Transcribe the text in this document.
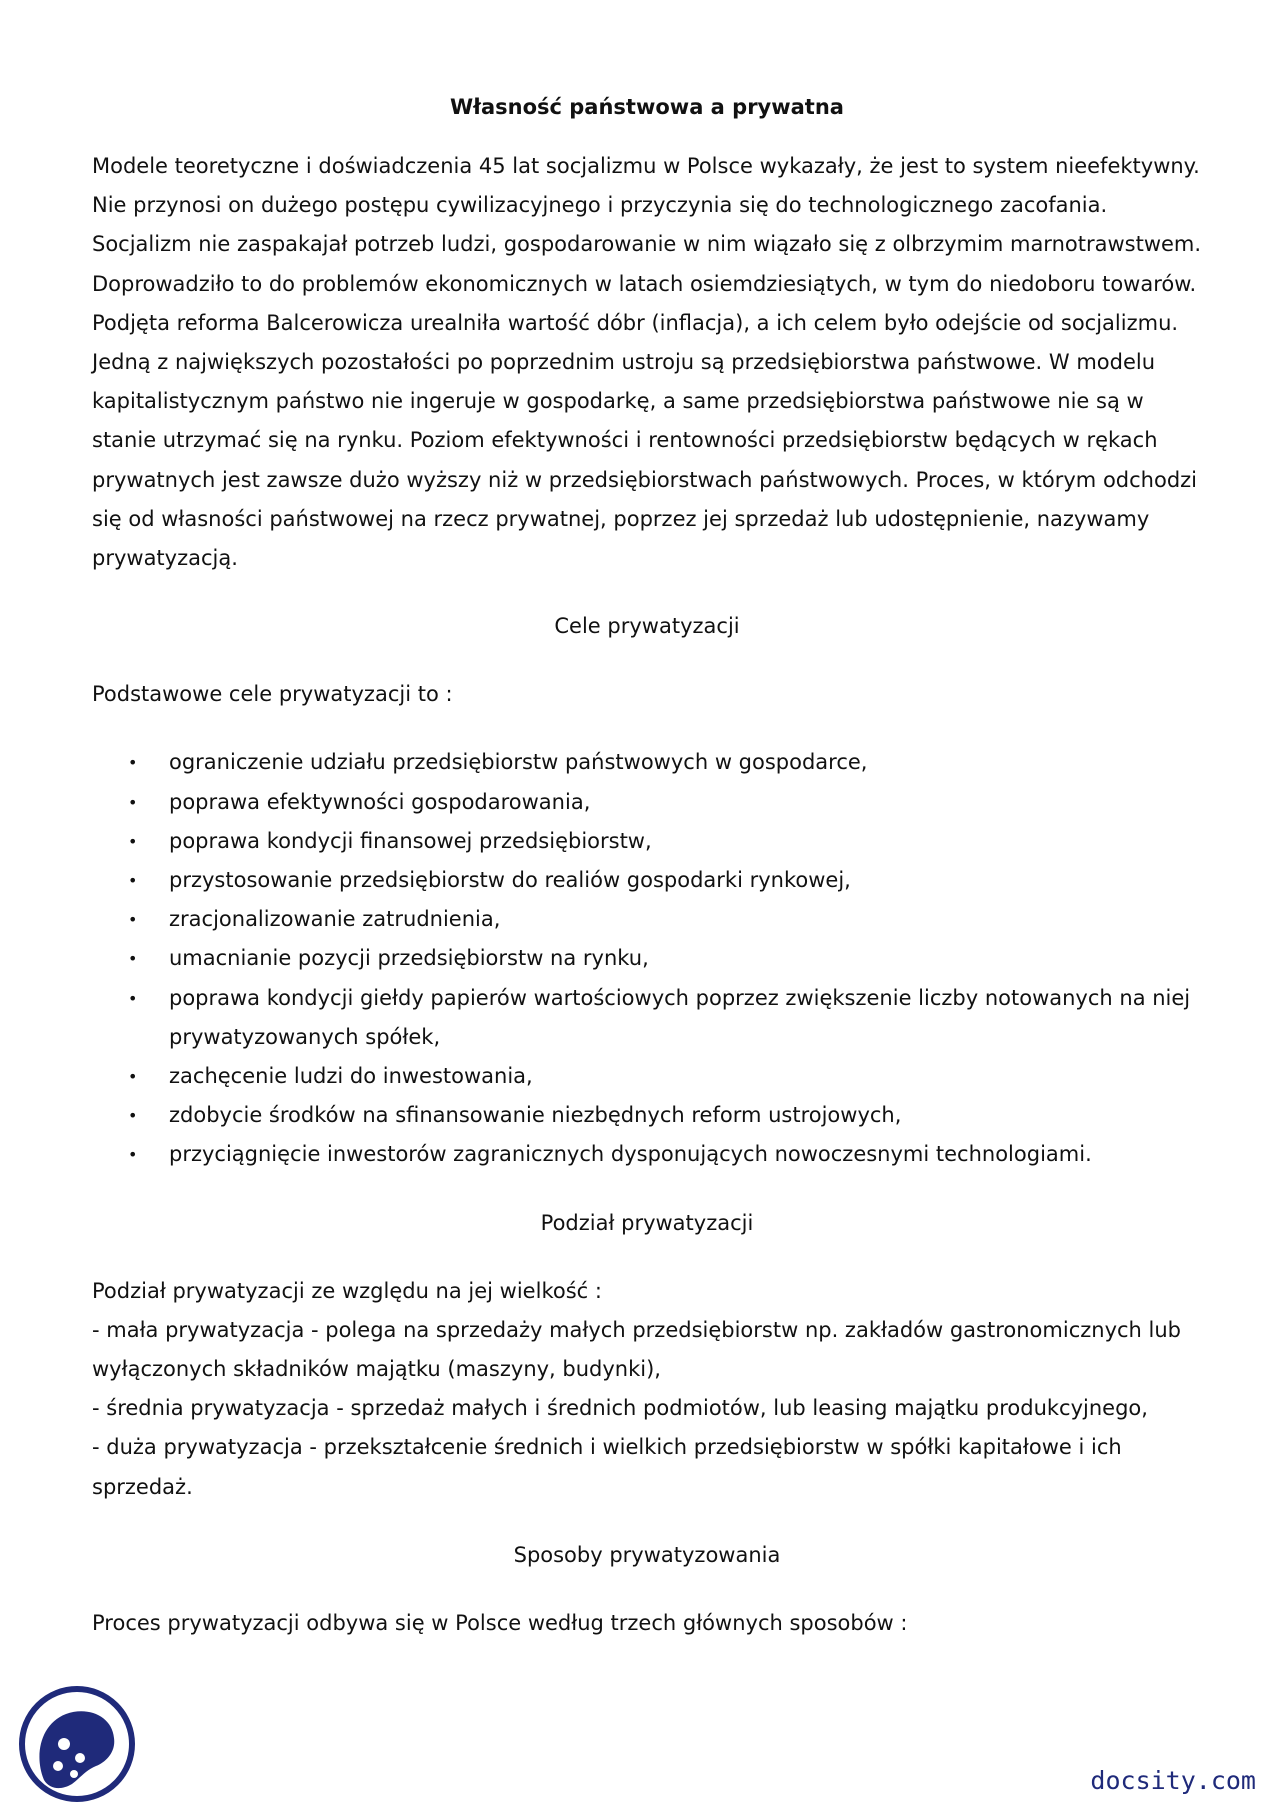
Własność państwowa a prywatna

Modele teoretyczne i doświadczenia 45 lat socjalizmu w Polsce wykazały, że jest to system nieefektywny. Nie przynosi on dużego postępu cywilizacyjnego i przyczynia się do technologicznego zacofania. Socjalizm nie zaspakajał potrzeb ludzi, gospodarowanie w nim wiązało się z olbrzymim marnotrawstwem. Doprowadziło to do problemów ekonomicznych w latach osiemdziesiątych, w tym do niedoboru towarów. Podjęta reforma Balcerowicza urealniła wartość dóbr (inflacja), a ich celem było odejście od socjalizmu. Jedną z największych pozostałości po poprzednim ustroju są przedsiębiorstwa państwowe. W modelu kapitalistycznym państwo nie ingeruje w gospodarkę, a same przedsiębiorstwa państwowe nie są w stanie utrzymać się na rynku. Poziom efektywności i rentowności przedsiębiorstw będących w rękach prywatnych jest zawsze dużo wyższy niż w przedsiębiorstwach państwowych. Proces, w którym odchodzi się od własności państwowej na rzecz prywatnej, poprzez jej sprzedaż lub udostępnienie, nazywamy prywatyzacją.

Cele prywatyzacji

Podstawowe cele prywatyzacji to :

• ograniczenie udziału przedsiębiorstw państwowych w gospodarce,
• poprawa efektywności gospodarowania,
• poprawa kondycji finansowej przedsiębiorstw,
• przystosowanie przedsiębiorstw do realiów gospodarki rynkowej,
• zracjonalizowanie zatrudnienia,
• umacnianie pozycji przedsiębiorstw na rynku,
• poprawa kondycji giełdy papierów wartościowych poprzez zwiększenie liczby notowanych na niej prywatyzowanych spółek,
• zachęcenie ludzi do inwestowania,
• zdobycie środków na sfinansowanie niezbędnych reform ustrojowych,
• przyciągnięcie inwestorów zagranicznych dysponujących nowoczesnymi technologiami.
Podział prywatyzacji

Podział prywatyzacji ze względu na jej wielkość :

- mała prywatyzacja - polega na sprzedaży małych przedsiębiorstw np. zakładów gastronomicznych lub wyłączonych składników majątku (maszyny, budynki),

- średnia prywatyzacja - sprzedaż małych i średnich podmiotów, lub leasing majątku produkcyjnego,

- duża prywatyzacja - przekształcenie średnich i wielkich przedsiębiorstw w spółki kapitałowe i ich sprzedaż.

Sposoby prywatyzowania

Proces prywatyzacji odbywa się w Polsce według trzech głównych sposobów :

docsity.com
